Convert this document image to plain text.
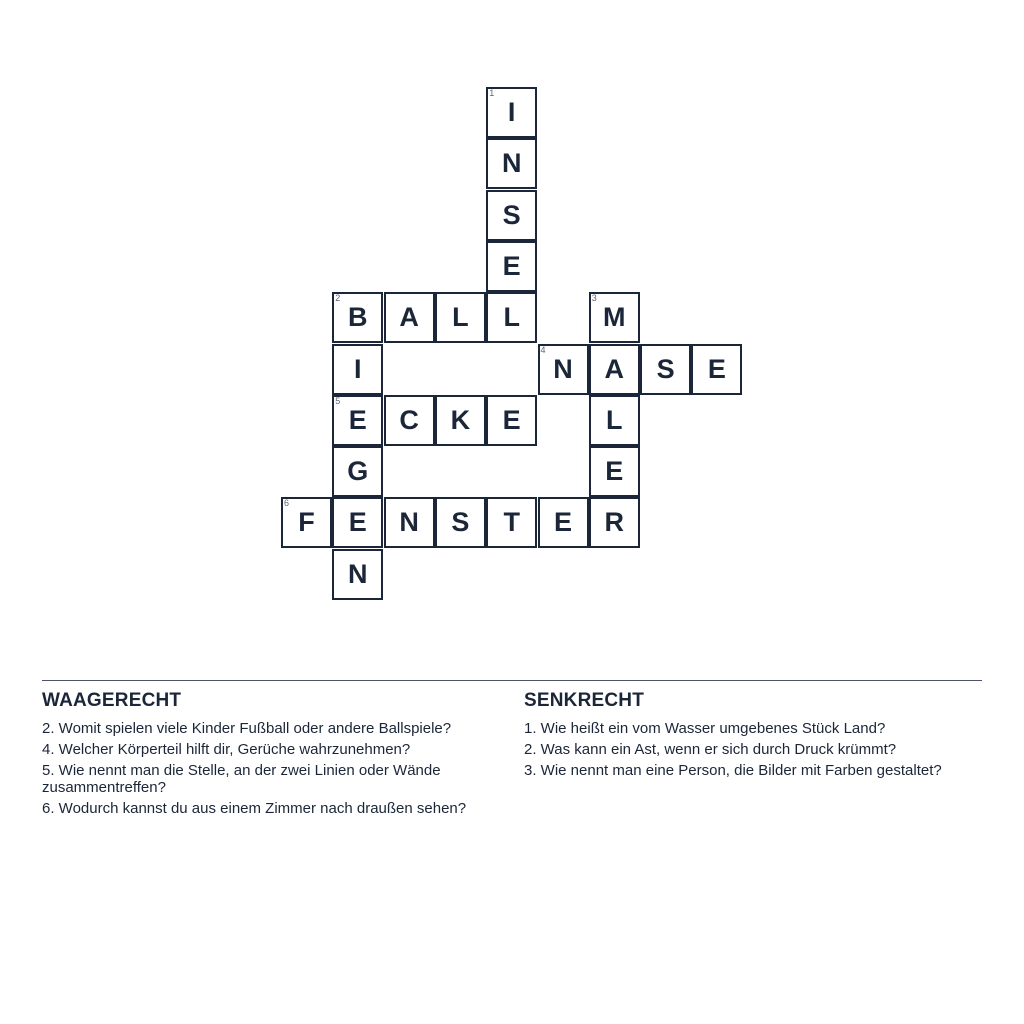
1
I
N
S
E
2
B	A	L	L
3
M
I
4
N	A	S	E
5
E	C	K	E	L
G	E
6
F	E	N	S	T	E	R
N
WAAGERECHT
2. Womit spielen viele Kinder Fußball oder andere Ballspiele?
4. Welcher Körperteil hilft dir, Gerüche wahrzunehmen?
5. Wie nennt man die Stelle, an der zwei Linien oder Wände zusammentreffen?
6. Wodurch kannst du aus einem Zimmer nach draußen sehen?
SENKRECHT
1. Wie heißt ein vom Wasser umgebenes Stück Land?
2. Was kann ein Ast, wenn er sich durch Druck krümmt?
3. Wie nennt man eine Person, die Bilder mit Farben gestaltet?
